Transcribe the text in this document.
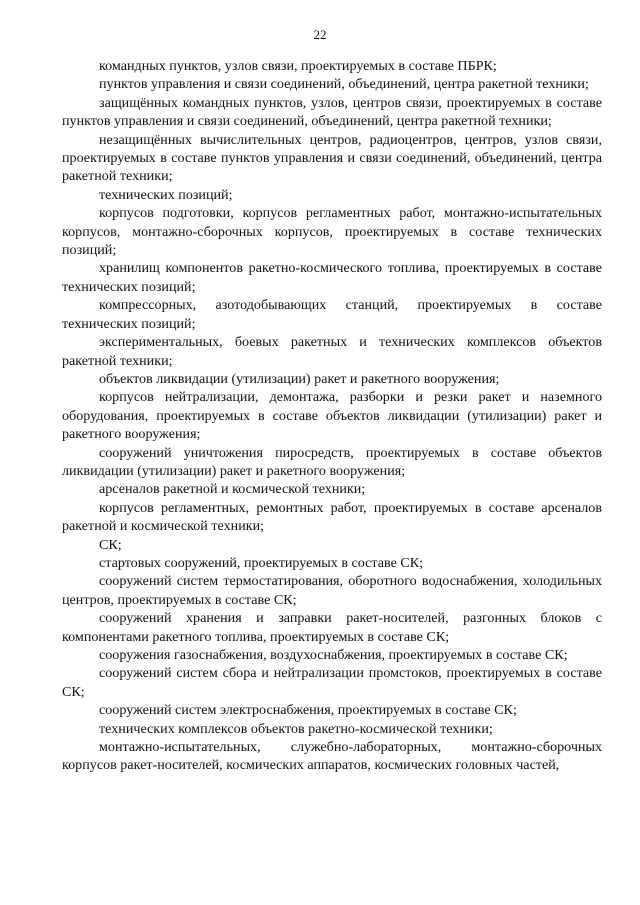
22

командных пунктов, узлов связи, проектируемых в составе ПБРК;

пунктов управления и связи соединений, объединений, центра ракетной техники;

защищённых командных пунктов, узлов, центров связи, проектируемых в составе пунктов управления и связи соединений, объединений, центра ракетной техники;

незащищённых вычислительных центров, радиоцентров, центров, узлов связи, проектируемых в составе пунктов управления и связи соединений, объединений, центра ракетной техники;

технических позиций;

корпусов подготовки, корпусов регламентных работ, монтажно-испытательных корпусов, монтажно-сборочных корпусов, проектируемых в составе технических позиций;

хранилищ компонентов ракетно-космического топлива, проектируемых в составе технических позиций;

компрессорных, азотодобывающих станций, проектируемых в составе технических позиций;

экспериментальных, боевых ракетных и технических комплексов объектов ракетной техники;

объектов ликвидации (утилизации) ракет и ракетного вооружения;

корпусов нейтрализации, демонтажа, разборки и резки ракет и наземного оборудования, проектируемых в составе объектов ликвидации (утилизации) ракет и ракетного вооружения;

сооружений уничтожения пиросредств, проектируемых в составе объектов ликвидации (утилизации) ракет и ракетного вооружения;

арсеналов ракетной и космической техники;

корпусов регламентных, ремонтных работ, проектируемых в составе арсеналов ракетной и космической техники;

СК;

стартовых сооружений, проектируемых в составе СК;

сооружений систем термостатирования, оборотного водоснабжения, холодильных центров, проектируемых в составе СК;

сооружений хранения и заправки ракет-носителей, разгонных блоков с компонентами ракетного топлива, проектируемых в составе СК;

сооружения газоснабжения, воздухоснабжения, проектируемых в составе СК;

сооружений систем сбора и нейтрализации промстоков, проектируемых в составе СК;

сооружений систем электроснабжения, проектируемых в составе СК;

технических комплексов объектов ракетно-космической техники;

монтажно-испытательных, служебно-лабораторных, монтажно-сборочных корпусов ракет-носителей, космических аппаратов, космических головных частей,
